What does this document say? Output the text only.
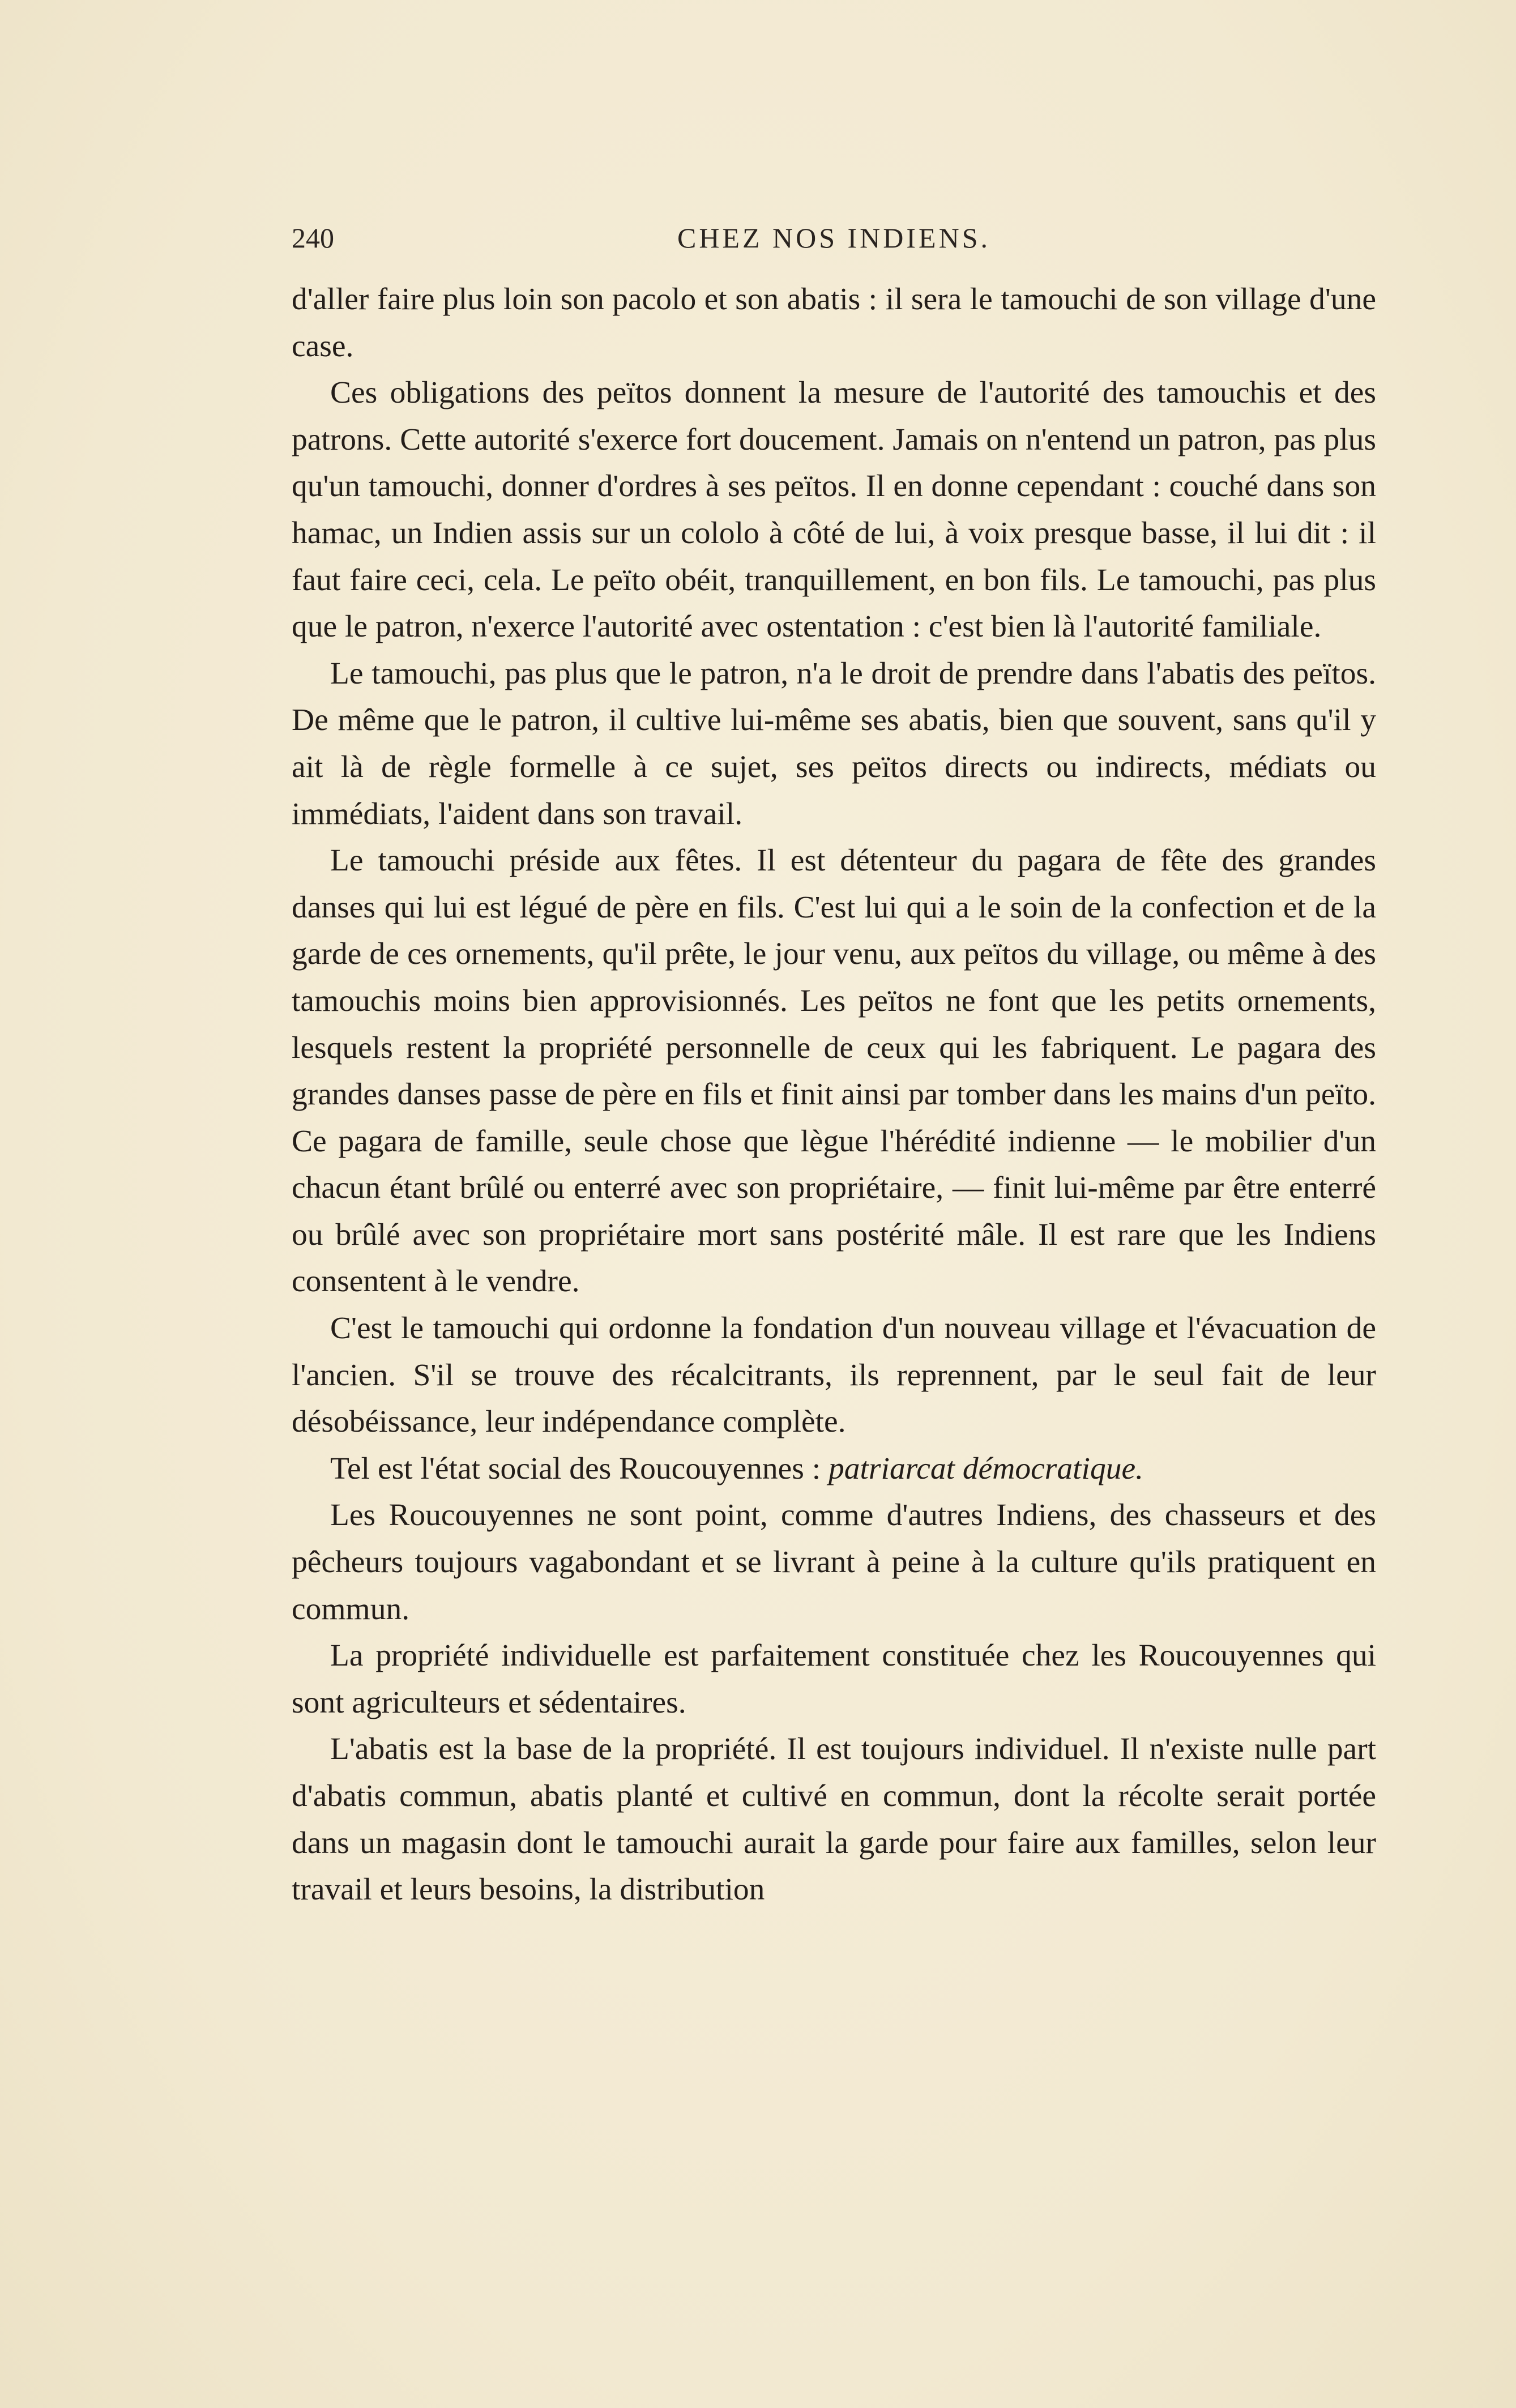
240	CHEZ NOS INDIENS.

d'aller faire plus loin son pacolo et son abatis : il sera le tamouchi de son village d'une case.

Ces obligations des peïtos donnent la mesure de l'autorité des tamouchis et des patrons. Cette autorité s'exerce fort doucement. Jamais on n'entend un patron, pas plus qu'un tamouchi, donner d'ordres à ses peïtos. Il en donne cependant : couché dans son hamac, un Indien assis sur un cololo à côté de lui, à voix presque basse, il lui dit : il faut faire ceci, cela. Le peïto obéit, tranquillement, en bon fils. Le tamouchi, pas plus que le patron, n'exerce l'autorité avec ostentation : c'est bien là l'autorité familiale.

Le tamouchi, pas plus que le patron, n'a le droit de prendre dans l'abatis des peïtos. De même que le patron, il cultive lui-même ses abatis, bien que souvent, sans qu'il y ait là de règle formelle à ce sujet, ses peïtos directs ou indirects, médiats ou immédiats, l'aident dans son travail.

Le tamouchi préside aux fêtes. Il est détenteur du pagara de fête des grandes danses qui lui est légué de père en fils. C'est lui qui a le soin de la confection et de la garde de ces ornements, qu'il prête, le jour venu, aux peïtos du village, ou même à des tamouchis moins bien approvisionnés. Les peïtos ne font que les petits ornements, lesquels restent la propriété personnelle de ceux qui les fabriquent. Le pagara des grandes danses passe de père en fils et finit ainsi par tomber dans les mains d'un peïto. Ce pagara de famille, seule chose que lègue l'hérédité indienne — le mobilier d'un chacun étant brûlé ou enterré avec son propriétaire, — finit lui-même par être enterré ou brûlé avec son propriétaire mort sans postérité mâle. Il est rare que les Indiens consentent à le vendre.

C'est le tamouchi qui ordonne la fondation d'un nouveau village et l'évacuation de l'ancien. S'il se trouve des récalcitrants, ils reprennent, par le seul fait de leur désobéissance, leur indépendance complète.

Tel est l'état social des Roucouyennes : patriarcat démocratique.

Les Roucouyennes ne sont point, comme d'autres Indiens, des chasseurs et des pêcheurs toujours vagabondant et se livrant à peine à la culture qu'ils pratiquent en commun.

La propriété individuelle est parfaitement constituée chez les Roucouyennes qui sont agriculteurs et sédentaires.

L'abatis est la base de la propriété. Il est toujours individuel. Il n'existe nulle part d'abatis commun, abatis planté et cultivé en commun, dont la récolte serait portée dans un magasin dont le tamouchi aurait la garde pour faire aux familles, selon leur travail et leurs besoins, la distribution
